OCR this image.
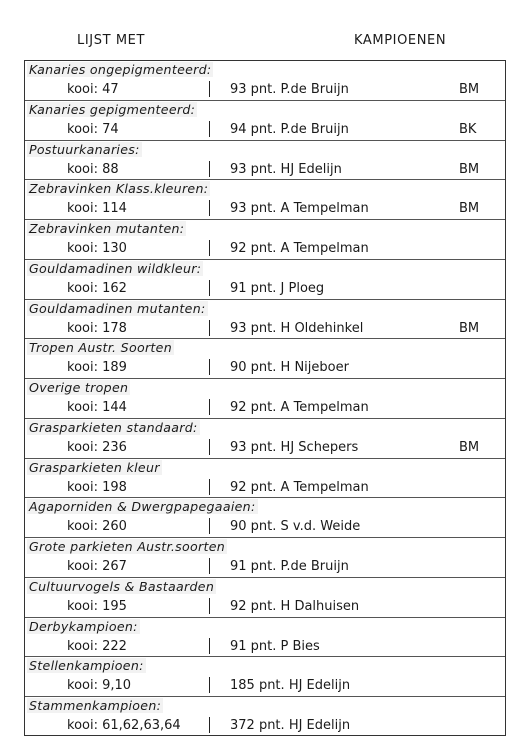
LIJST MET	KAMPIOENEN
Kanaries ongepigmenteerd:
kooi: 47	93 pnt. P.de Bruijn	BM
Kanaries gepigmenteerd:
kooi: 74	94 pnt. P.de Bruijn	BK
Postuurkanaries:
kooi: 88	93 pnt. HJ Edelijn	BM
Zebravinken Klass.kleuren:
kooi: 114	93 pnt. A Tempelman	BM
Zebravinken mutanten:
kooi: 130	92 pnt. A Tempelman
Gouldamadinen wildkleur:
kooi: 162	91 pnt. J Ploeg
Gouldamadinen mutanten:
kooi: 178	93 pnt. H Oldehinkel	BM
Tropen Austr. Soorten
kooi: 189	90 pnt. H Nijeboer
Overige tropen
kooi: 144	92 pnt. A Tempelman
Grasparkieten standaard:
kooi: 236	93 pnt. HJ Schepers	BM
Grasparkieten kleur
kooi: 198	92 pnt. A Tempelman
Agaporniden & Dwergpapegaaien:
kooi: 260	90 pnt. S v.d. Weide
Grote parkieten Austr.soorten
kooi: 267	91 pnt. P.de Bruijn
Cultuurvogels & Bastaarden
kooi: 195	92 pnt. H Dalhuisen
Derbykampioen:
kooi: 222	91 pnt. P Bies
Stellenkampioen:
kooi: 9,10	185 pnt. HJ Edelijn
Stammenkampioen:
kooi: 61,62,63,64	372 pnt. HJ Edelijn
